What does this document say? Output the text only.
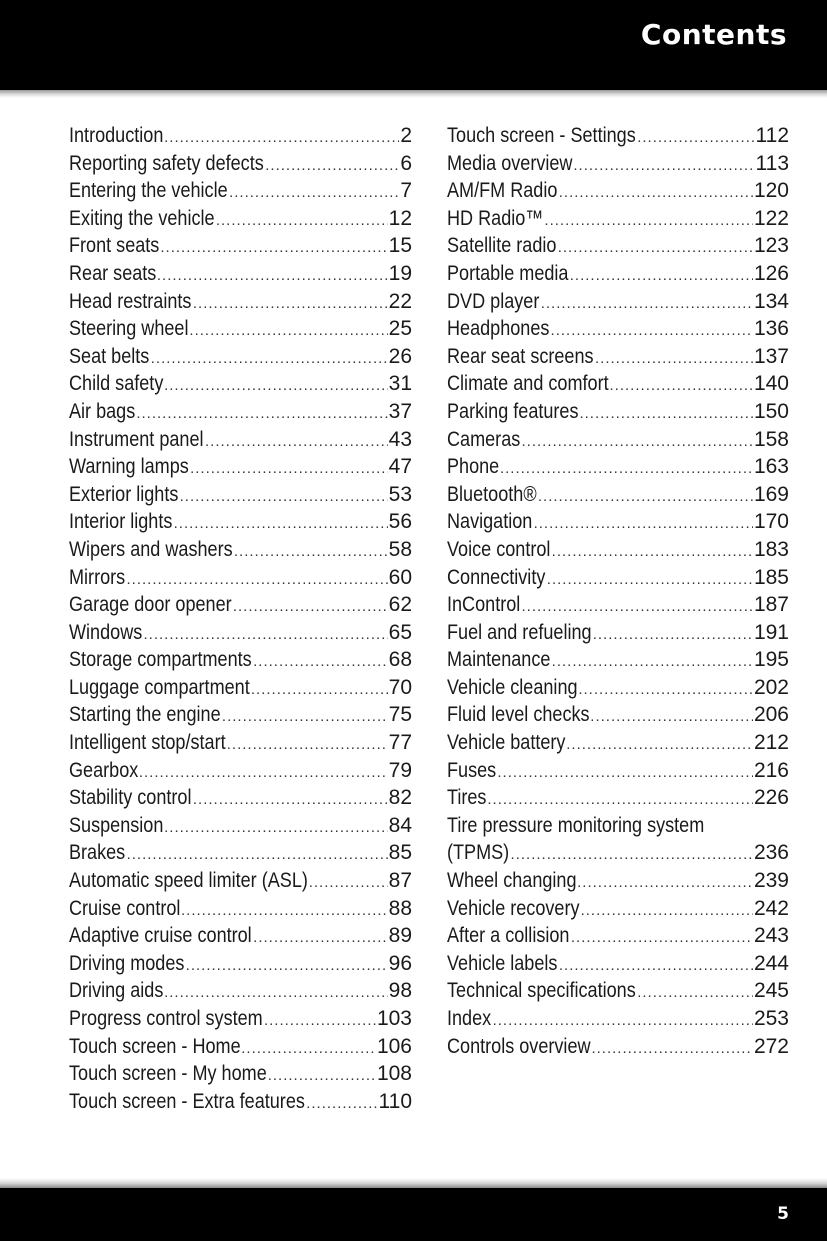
Contents
Introduction .....	2
Reporting safety defects .....	6
Entering the vehicle .....	7
Exiting the vehicle .....	12
Front seats .....	15
Rear seats .....	19
Head restraints .....	22
Steering wheel .....	25
Seat belts .....	26
Child safety .....	31
Air bags .....	37
Instrument panel .....	43
Warning lamps .....	47
Exterior lights .....	53
Interior lights .....	56
Wipers and washers .....	58
Mirrors .....	60
Garage door opener .....	62
Windows .....	65
Storage compartments .....	68
Luggage compartment .....	70
Starting the engine .....	75
Intelligent stop/start .....	77
Gearbox .....	79
Stability control .....	82
Suspension .....	84
Brakes .....	85
Automatic speed limiter (ASL) .....	87
Cruise control .....	88
Adaptive cruise control .....	89
Driving modes .....	96
Driving aids .....	98
Progress control system .....	103
Touch screen - Home .....	106
Touch screen - My home .....	108
Touch screen - Extra features .....	110
Touch screen - Settings .....	112
Media overview .....	113
AM/FM Radio .....	120
HD Radio™ .....	122
Satellite radio .....	123
Portable media .....	126
DVD player .....	134
Headphones .....	136
Rear seat screens .....	137
Climate and comfort .....	140
Parking features .....	150
Cameras .....	158
Phone .....	163
Bluetooth® .....	169
Navigation .....	170
Voice control .....	183
Connectivity .....	185
InControl .....	187
Fuel and refueling .....	191
Maintenance .....	195
Vehicle cleaning .....	202
Fluid level checks .....	206
Vehicle battery .....	212
Fuses .....	216
Tires .....	226
Tire pressure monitoring system
(TPMS) .....	236
Wheel changing .....	239
Vehicle recovery .....	242
After a collision .....	243
Vehicle labels .....	244
Technical specifications .....	245
Index .....	253
Controls overview .....	272
5
